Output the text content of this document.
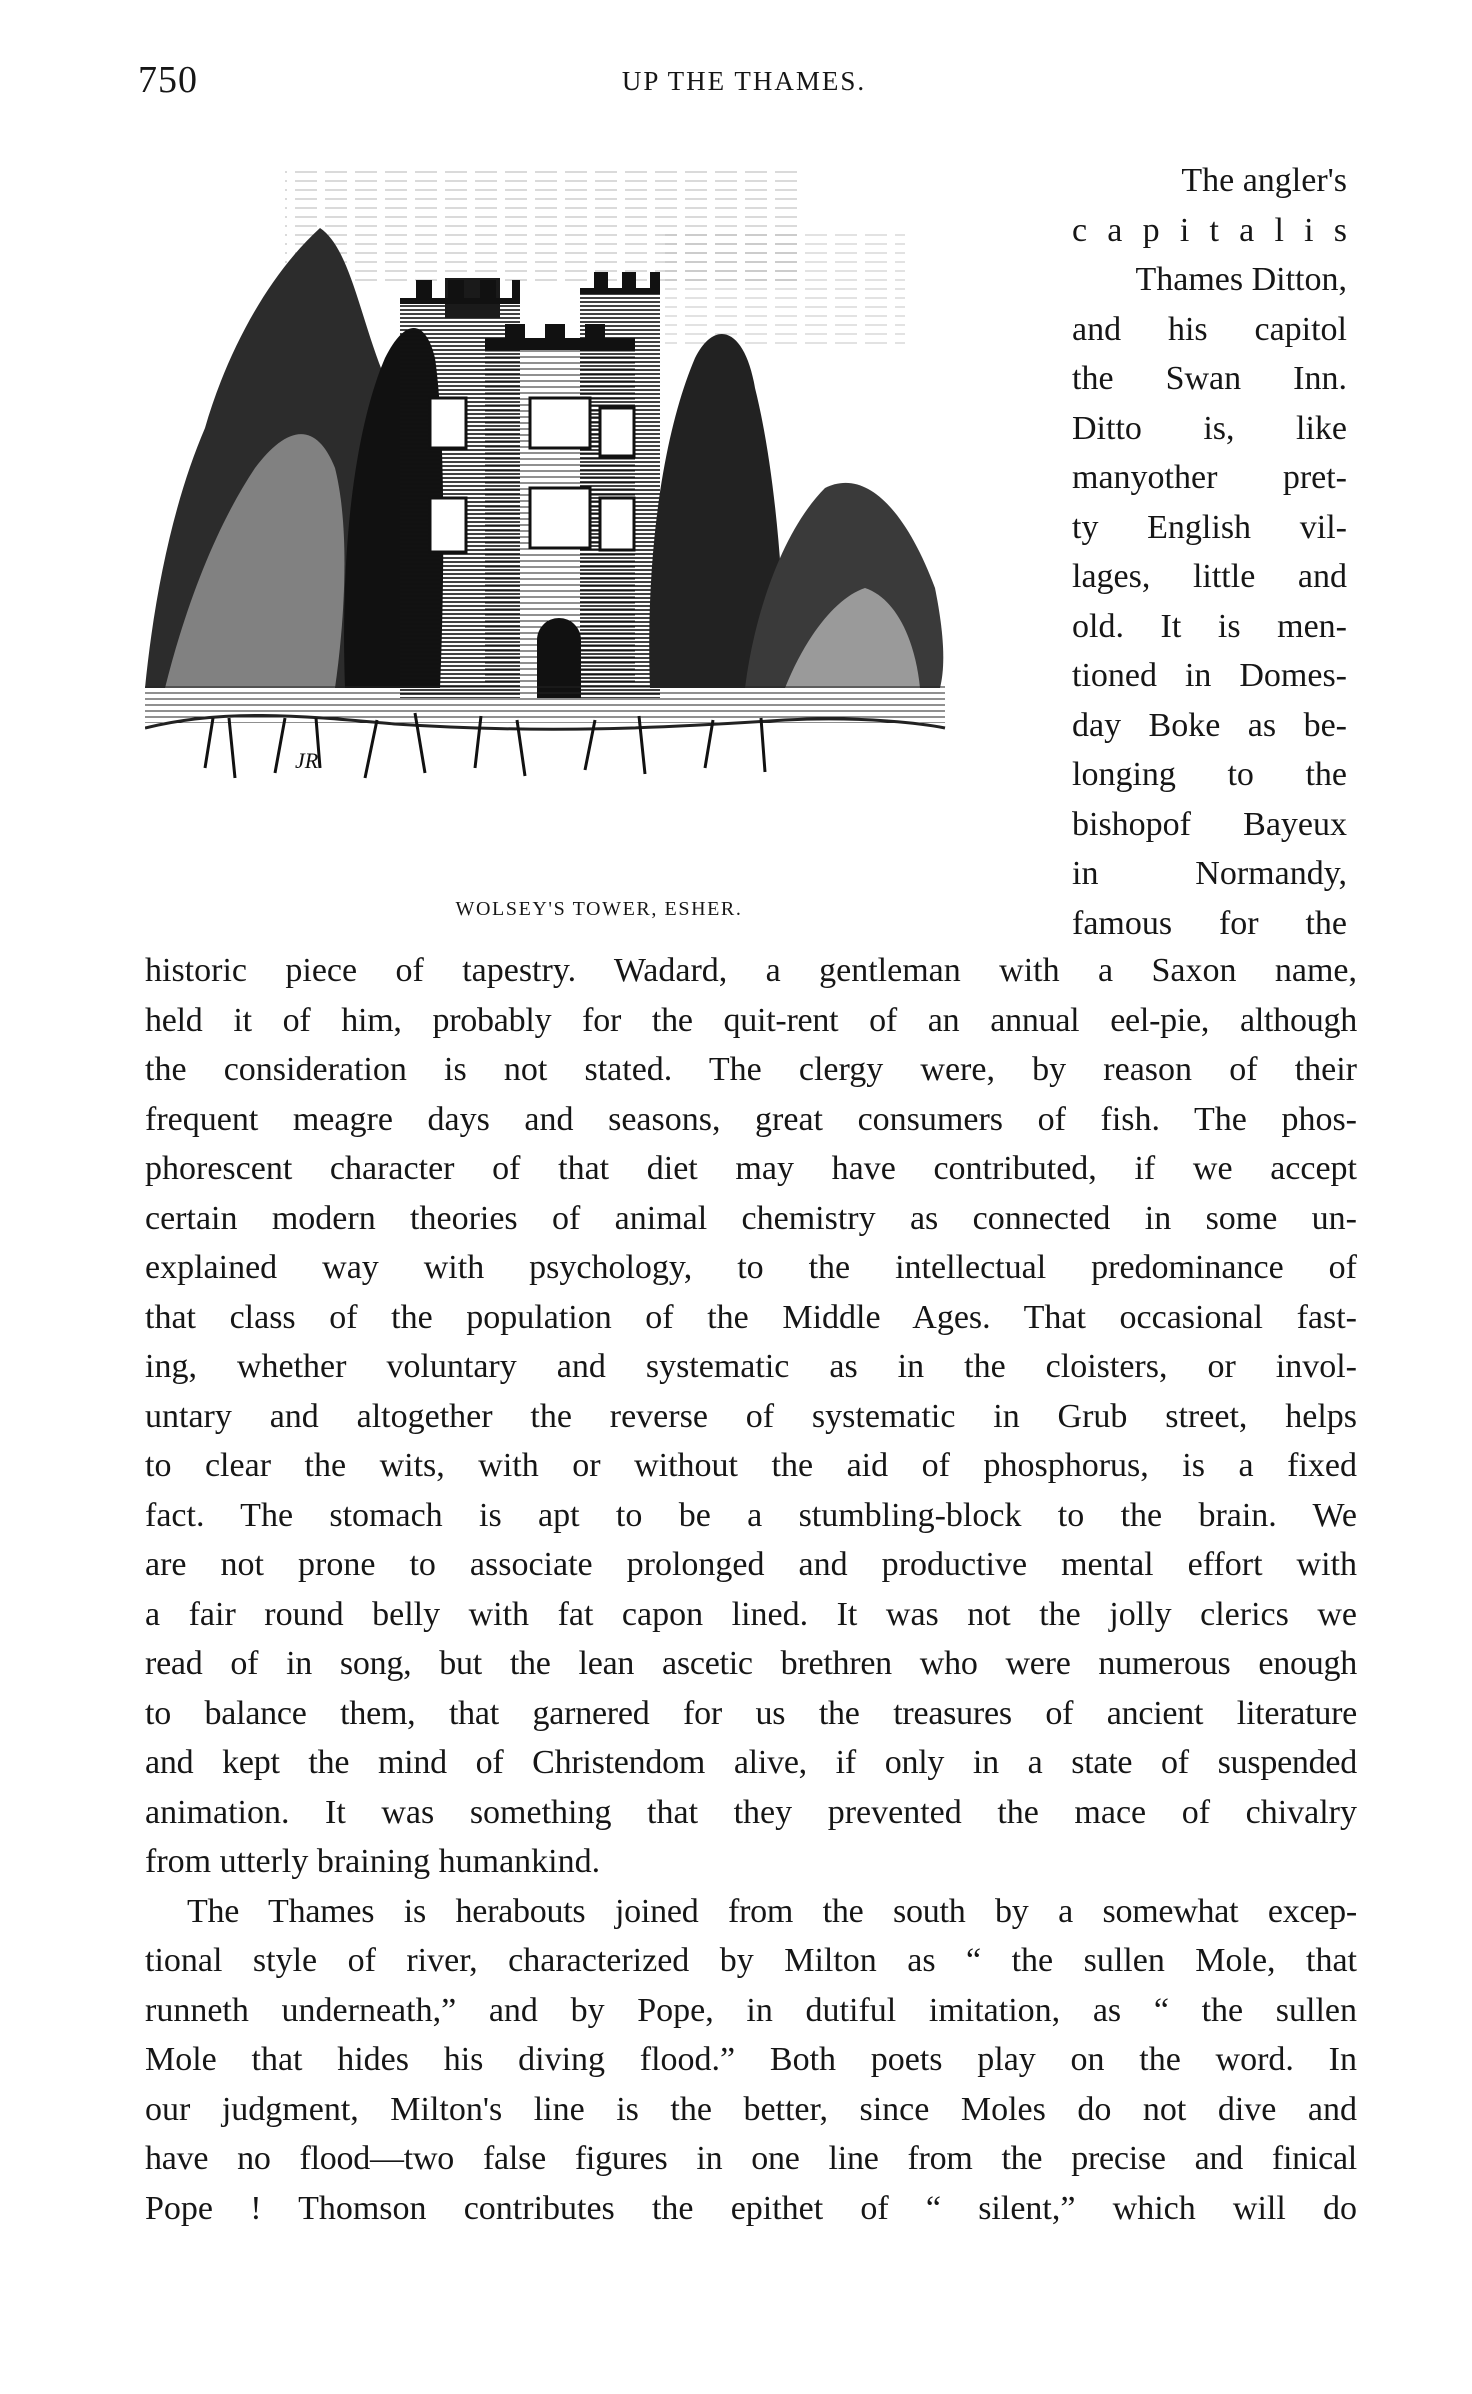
750	UP THE THAMES.
JR
WOLSEY'S TOWER, ESHER.
The angler's
c a p i t a l i s
Thames Ditton,
and his capitol
the Swan Inn.
Ditto is, like
manyother pret-
ty English vil-
lages, little and
old. It is men-
tioned in Domes-
day Boke as be-
longing to the
bishopof Bayeux
in Normandy,
famous for the
historic piece of tapestry. Wadard, a gentleman with a Saxon name,
held it of him, probably for the quit-rent of an annual eel-pie, although
the consideration is not stated. The clergy were, by reason of their
frequent meagre days and seasons, great consumers of fish. The phos-
phorescent character of that diet may have contributed, if we accept
certain modern theories of animal chemistry as connected in some un-
explained way with psychology, to the intellectual predominance of
that class of the population of the Middle Ages. That occasional fast-
ing, whether voluntary and systematic as in the cloisters, or invol-
untary and altogether the reverse of systematic in Grub street, helps
to clear the wits, with or without the aid of phosphorus, is a fixed
fact. The stomach is apt to be a stumbling-block to the brain. We
are not prone to associate prolonged and productive mental effort with
a fair round belly with fat capon lined. It was not the jolly clerics we
read of in song, but the lean ascetic brethren who were numerous enough
to balance them, that garnered for us the treasures of ancient literature
and kept the mind of Christendom alive, if only in a state of suspended
animation. It was something that they prevented the mace of chivalry
from utterly braining humankind.
The Thames is herabouts joined from the south by a somewhat excep-
tional style of river, characterized by Milton as “ the sullen Mole, that
runneth underneath,” and by Pope, in dutiful imitation, as “ the sullen
Mole that hides his diving flood.” Both poets play on the word. In
our judgment, Milton's line is the better, since Moles do not dive and
have no flood—two false figures in one line from the precise and finical
Pope ! Thomson contributes the epithet of “ silent,” which will do
